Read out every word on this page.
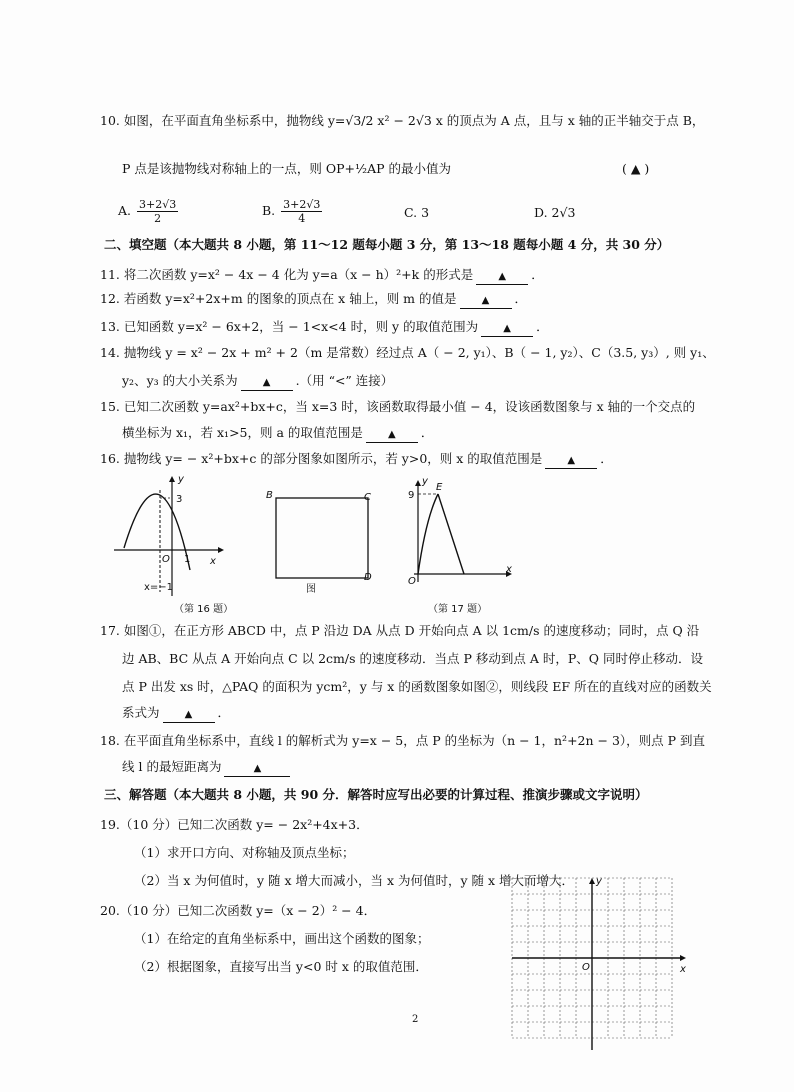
10. 如图，在平面直角坐标系中，抛物线 y=√3/2 x² − 2√3 x 的顶点为 A 点，且与 x 轴的正半轴交于点 B，
P 点是该抛物线对称轴上的一点，则 OP+½AP 的最小值为	( ▲ )
A. $\frac{3+2√3}{2}$	B. $\frac{3+2√3}{4}$	C. 3	D. 2√3
二、填空题（本大题共 8 小题，第 11～12 题每小题 3 分，第 13～18 题每小题 4 分，共 30 分）
11. 将二次函数 y=x² − 4x − 4 化为 y=a（x − h）²+k 的形式是	▲ ．
12. 若函数 y=x²+2x+m 的图象的顶点在 x 轴上，则 m 的值是	▲ ．
13. 已知函数 y=x² − 6x+2，当 − 1<x<4 时，则 y 的取值范围为	▲ ．
14. 抛物线 y = x² − 2x + m² + 2（m 是常数）经过点 A（ − 2, y₁）、B（ − 1, y₂）、C（3.5, y₃）, 则 y₁、
y₂、y₃ 的大小关系为	▲ .（用 “<” 连接）
15. 已知二次函数 y=ax²+bx+c，当 x=3 时，该函数取得最小值 − 4，设该函数图象与 x 轴的一个交点的
横坐标为 x₁，若 x₁>5，则 a 的取值范围是	▲ ．
16. 抛物线 y= − x²+bx+c 的部分图象如图所示，若 y>0，则 x 的取值范围是	▲ ．
y
3
O 1 x
x=−1
（第 16 题）
B	C
D
图
y
9
E
O
x
（第 17 题）
17. 如图①，在正方形 ABCD 中，点 P 沿边 DA 从点 D 开始向点 A 以 1cm/s 的速度移动；同时，点 Q 沿
边 AB、BC 从点 A 开始向点 C 以 2cm/s 的速度移动．当点 P 移动到点 A 时，P、Q 同时停止移动．设
点 P 出发 xs 时，△PAQ 的面积为 ycm²，y 与 x 的函数图象如图②，则线段 EF 所在的直线对应的函数关
系式为	▲ ．
18. 在平面直角坐标系中，直线 l 的解析式为 y=x − 5，点 P 的坐标为（n − 1，n²+2n − 3），则点 P 到直
线 l 的最短距离为	▲
三、解答题（本大题共 8 小题，共 90 分．解答时应写出必要的计算过程、推演步骤或文字说明）
19.（10 分）已知二次函数 y= − 2x²+4x+3．
（1）求开口方向、对称轴及顶点坐标；
（2）当 x 为何值时，y 随 x 增大而减小，当 x 为何值时，y 随 x 增大而增大．
20.（10 分）已知二次函数 y=（x − 2）² − 4．
（1）在给定的直角坐标系中，画出这个函数的图象；
（2）根据图象，直接写出当 y<0 时 x 的取值范围．
y
x
O
2
